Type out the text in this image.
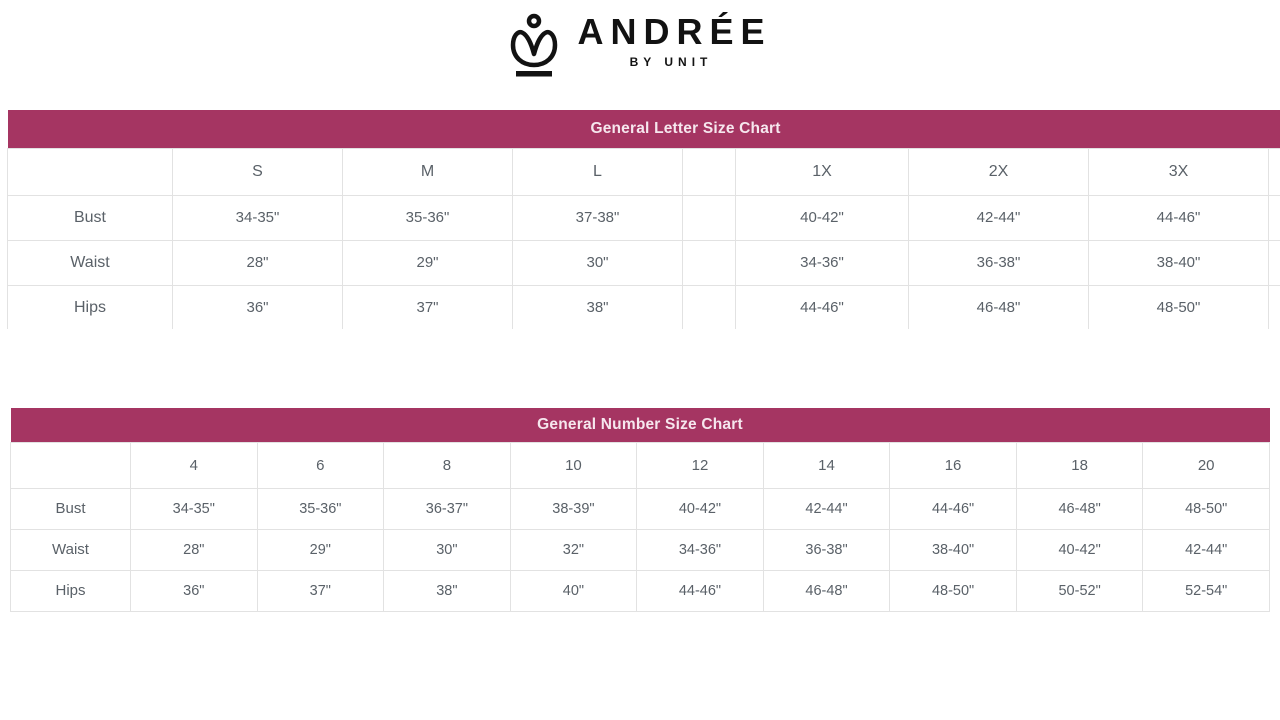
ANDRÉE
BY UNIT
General Letter Size Chart								
	S	M	L		1X	2X	3X	
Bust	34-35"	35-36"	37-38"		40-42"	42-44"	44-46"	
Waist	28"	29"	30"		34-36"	36-38"	38-40"	
Hips	36"	37"	38"		44-46"	46-48"	48-50"	
General Number Size Chart									
	4	6	8	10	12	14	16	18	20
Bust	34-35"	35-36"	36-37"	38-39"	40-42"	42-44"	44-46"	46-48"	48-50"
Waist	28"	29"	30"	32"	34-36"	36-38"	38-40"	40-42"	42-44"
Hips	36"	37"	38"	40"	44-46"	46-48"	48-50"	50-52"	52-54"
